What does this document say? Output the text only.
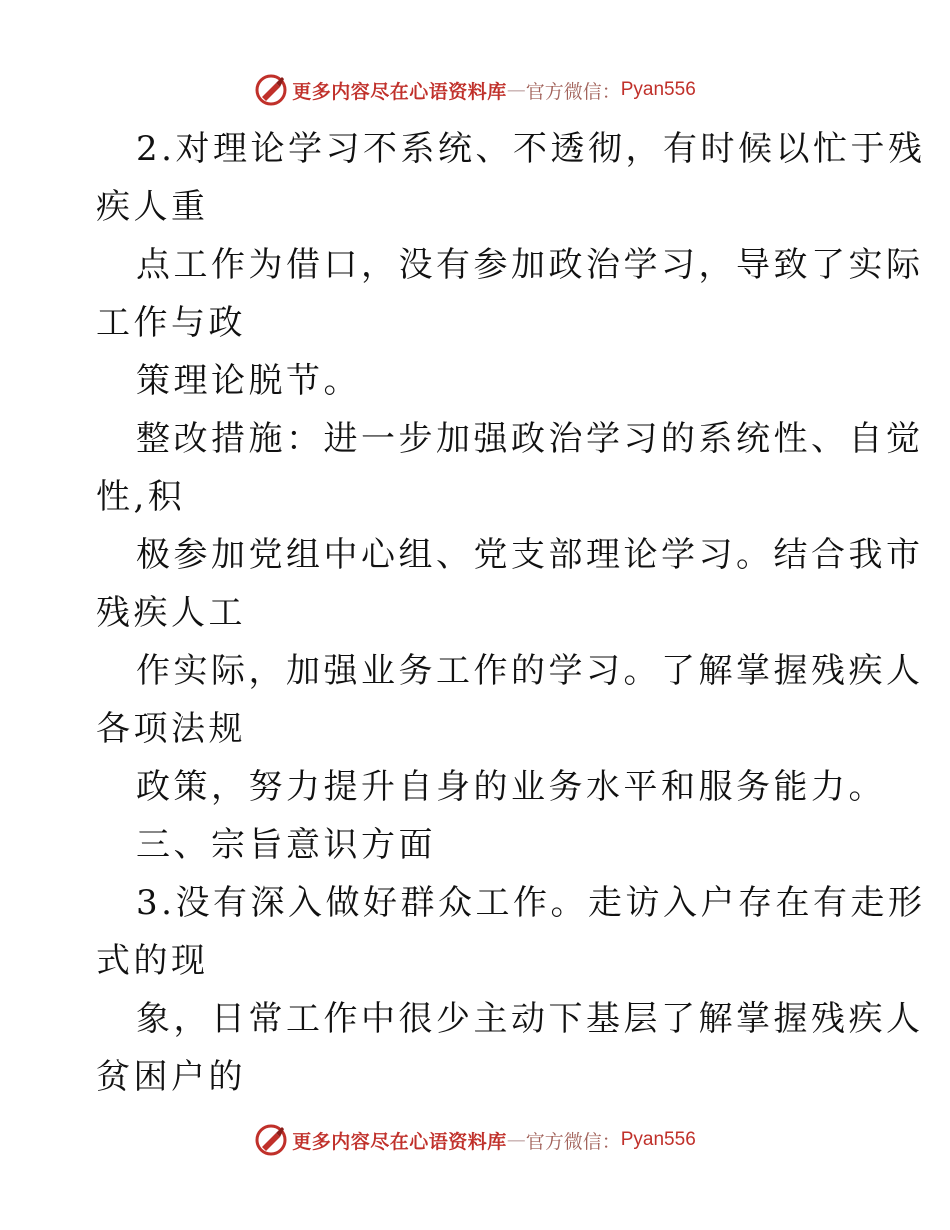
更多内容尽在心语资料库 — 官方微信： Pyan556
2.对理论学习不系统、不透彻，有时候以忙于残
疾人重
点工作为借口，没有参加政治学习，导致了实际
工作与政
策理论脱节。
整改措施：进一步加强政治学习的系统性、自觉
性,积
极参加党组中心组、党支部理论学习。结合我市
残疾人工
作实际，加强业务工作的学习。了解掌握残疾人
各项法规
政策，努力提升自身的业务水平和服务能力。
三、宗旨意识方面
3.没有深入做好群众工作。走访入户存在有走形
式的现
象，日常工作中很少主动下基层了解掌握残疾人
贫困户的
更多内容尽在心语资料库 — 官方微信： Pyan556
